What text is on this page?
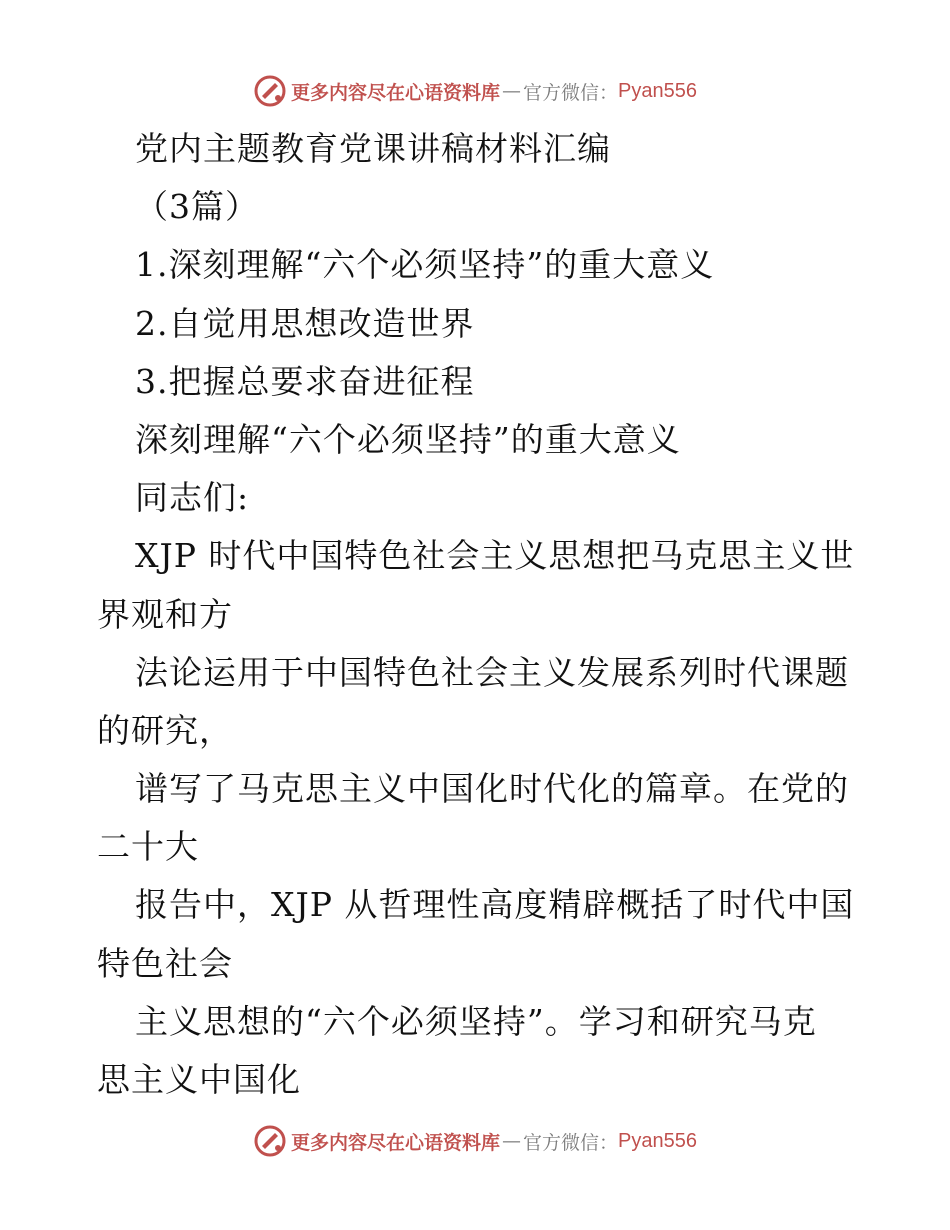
更多内容尽在心语资料库 — 官方微信： Pyan556
党内主题教育党课讲稿材料汇编
（3篇）
1.深刻理解“六个必须坚持”的重大意义
2.自觉用思想改造世界
3.把握总要求奋进征程
深刻理解“六个必须坚持”的重大意义
同志们:
XJP 时代中国特色社会主义思想把马克思主义世
界观和方
法论运用于中国特色社会主义发展系列时代课题
的研究，
谱写了马克思主义中国化时代化的篇章。在党的
二十大
报告中，XJP 从哲理性高度精辟概括了时代中国
特色社会
主义思想的“六个必须坚持”。学习和研究马克
思主义中国化
更多内容尽在心语资料库 — 官方微信： Pyan556
